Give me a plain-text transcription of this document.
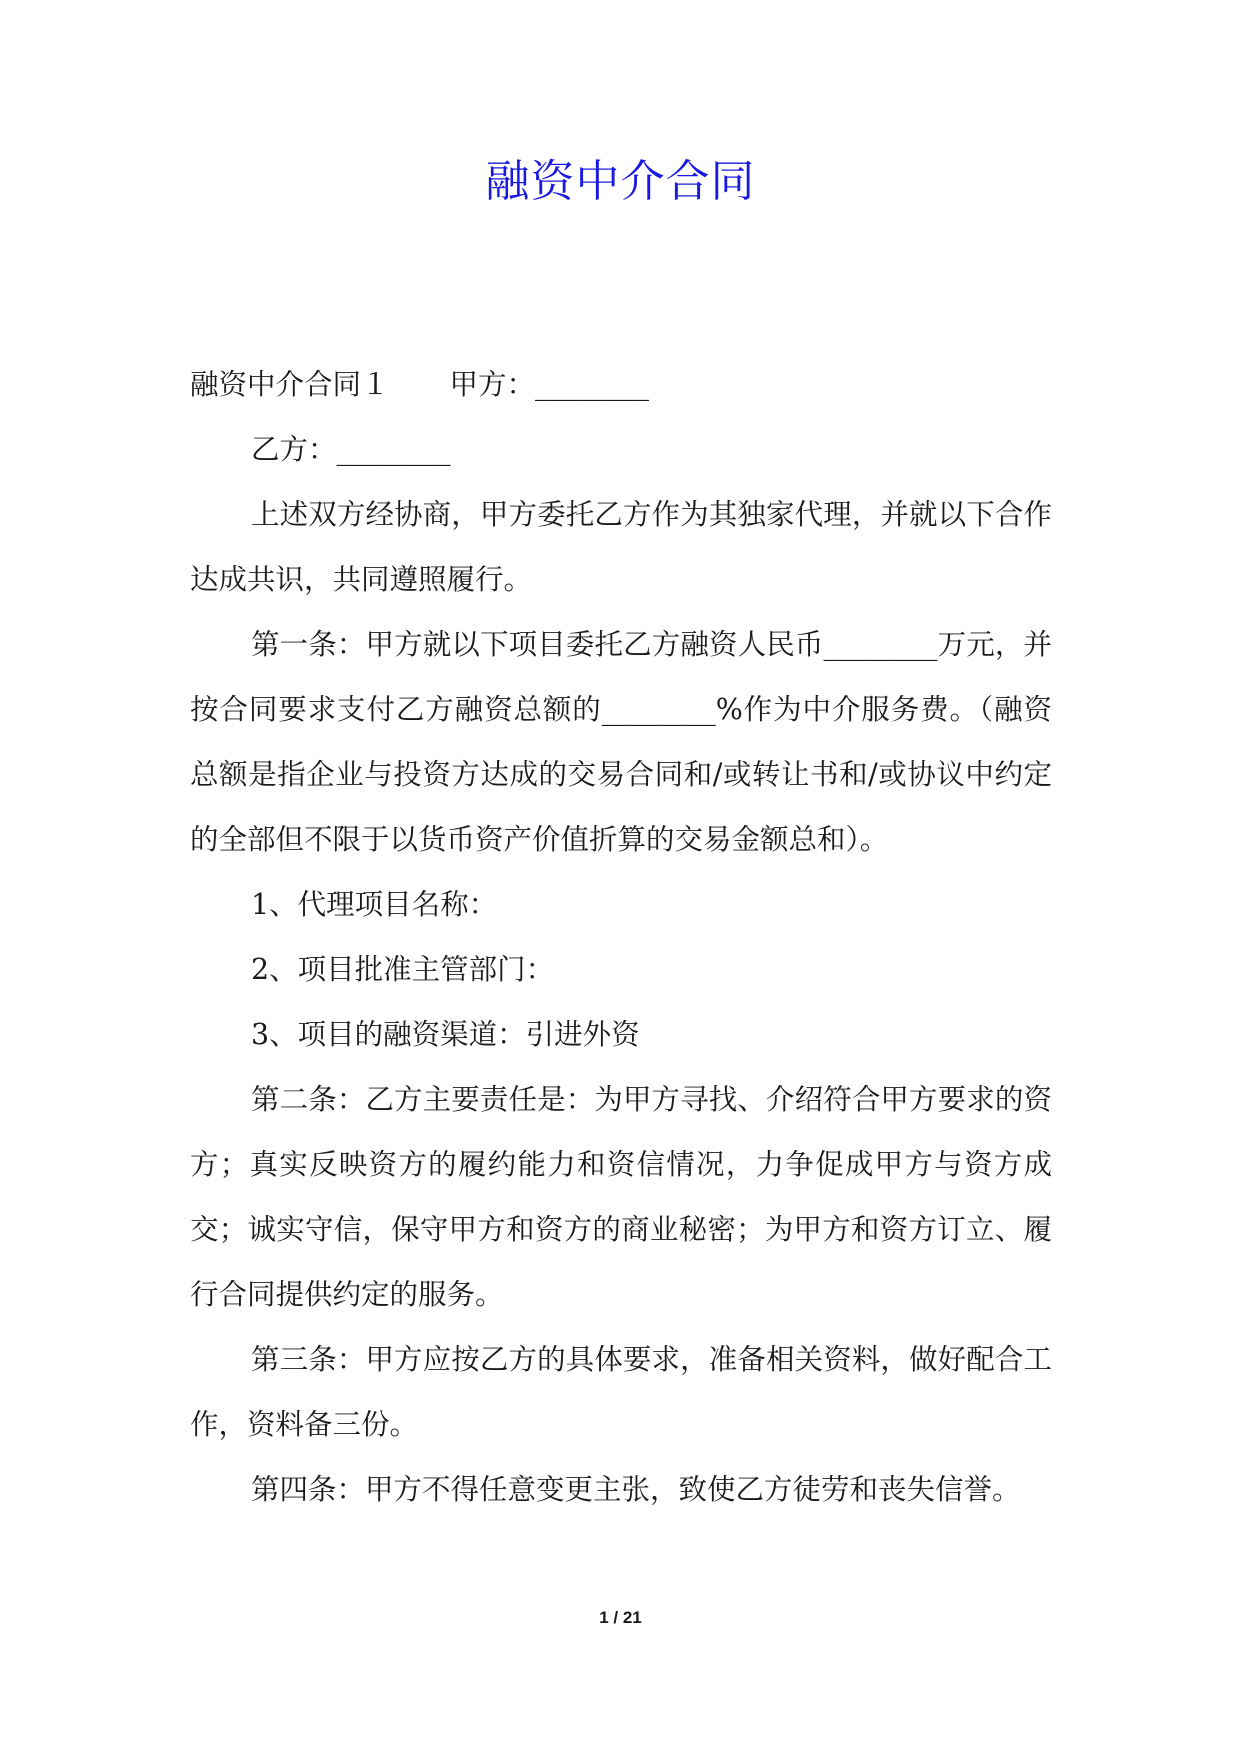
融资中介合同

融资中介合同１ 甲方：________

乙方：________

上述双方经协商，甲方委托乙方作为其独家代理，并就以下合作达成共识，共同遵照履行。

第一条：甲方就以下项目委托乙方融资人民币________万元，并按合同要求支付乙方融资总额的________%作为中介服务费。（融资总额是指企业与投资方达成的交易合同和/或转让书和/或协议中约定的全部但不限于以货币资产价值折算的交易金额总和）。

1、代理项目名称：

2、项目批准主管部门：

3、项目的融资渠道：引进外资

第二条：乙方主要责任是：为甲方寻找、介绍符合甲方要求的资方；真实反映资方的履约能力和资信情况，力争促成甲方与资方成交；诚实守信，保守甲方和资方的商业秘密；为甲方和资方订立、履行合同提供约定的服务。

第三条：甲方应按乙方的具体要求，准备相关资料，做好配合工作，资料备三份。

第四条：甲方不得任意变更主张，致使乙方徒劳和丧失信誉。

1 / 21
